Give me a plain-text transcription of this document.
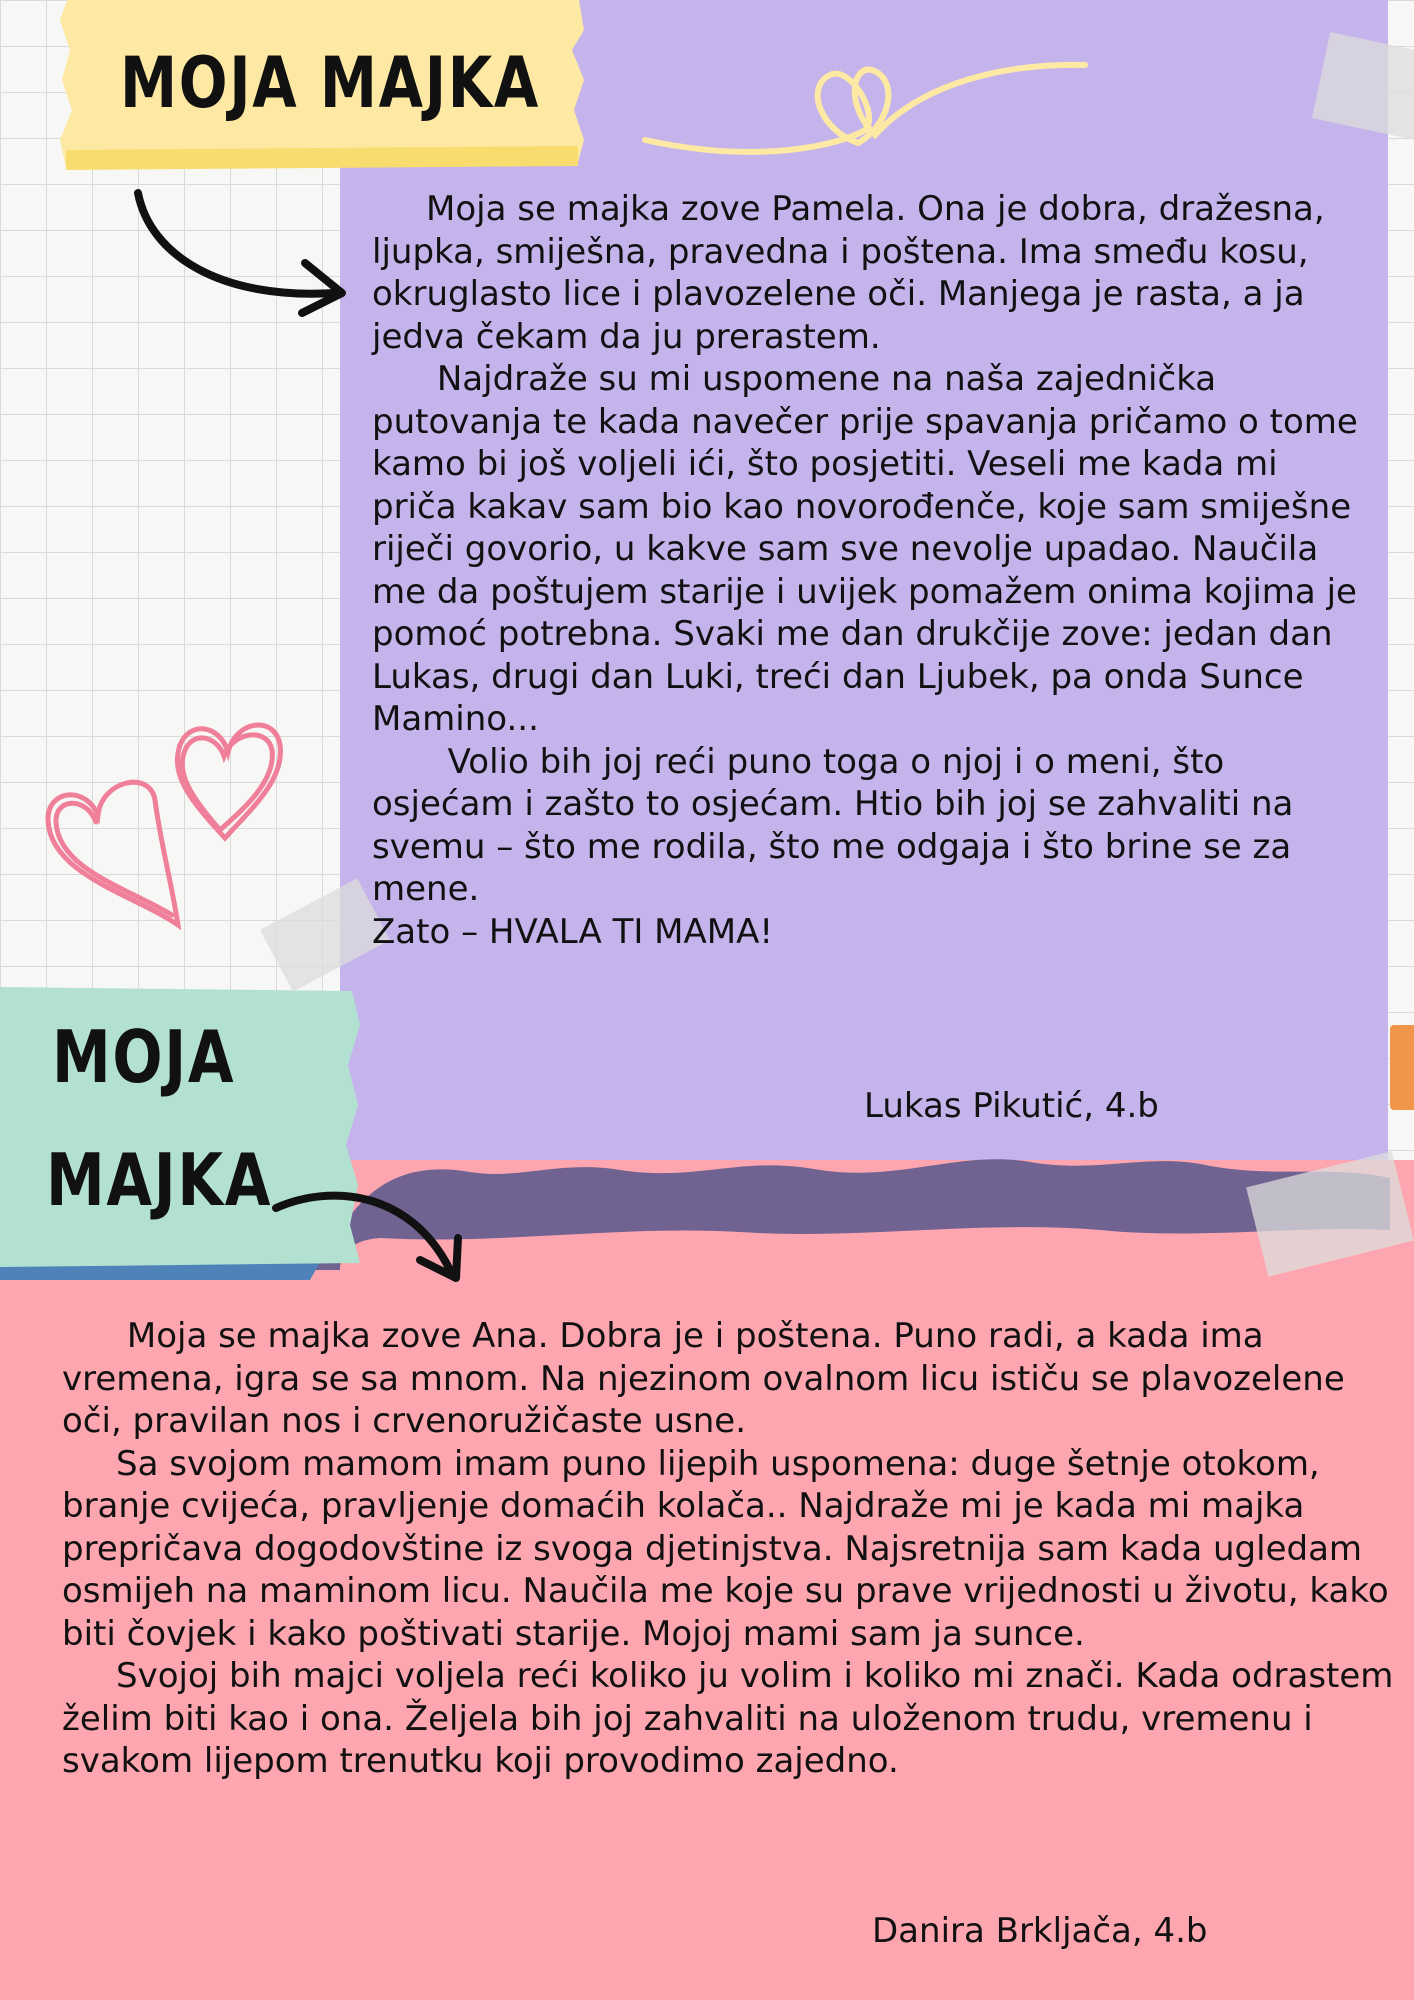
MOJA MAJKA
MOJA
MAJKA

Moja se majka zove Pamela. Ona je dobra, dražesna, ljupka, smiješna, pravedna i poštena. Ima smeđu kosu, okruglasto lice i plavozelene oči. Manjega je rasta, a ja jedva čekam da ju prerastem.
Najdraže su mi uspomene na naša zajednička putovanja te kada navečer prije spavanja pričamo o tome kamo bi još voljeli ići, što posjetiti. Veseli me kada mi priča kakav sam bio kao novorođenče, koje sam smiješne riječi govorio, u kakve sam sve nevolje upadao. Naučila me da poštujem starije i uvijek pomažem onima kojima je pomoć potrebna. Svaki me dan drukčije zove: jedan dan Lukas, drugi dan Luki, treći dan Ljubek, pa onda Sunce Mamino...
Volio bih joj reći puno toga o njoj i o meni, što osjećam i zašto to osjećam. Htio bih joj se zahvaliti na svemu – što me rodila, što me odgaja i što brine se za mene.
Zato – HVALA TI MAMA!

Lukas Pikutić, 4.b

Moja se majka zove Ana. Dobra je i poštena. Puno radi, a kada ima vremena, igra se sa mnom. Na njezinom ovalnom licu ističu se plavozelene oči, pravilan nos i crvenoružičaste usne.
Sa svojom mamom imam puno lijepih uspomena: duge šetnje otokom, branje cvijeća, pravljenje domaćih kolača.. Najdraže mi je kada mi majka prepričava dogodovštine iz svoga djetinjstva. Najsretnija sam kada ugledam osmijeh na maminom licu. Naučila me koje su prave vrijednosti u životu, kako biti čovjek i kako poštivati starije. Mojoj mami sam ja sunce.
Svojoj bih majci voljela reći koliko ju volim i koliko mi znači. Kada odrastem želim biti kao i ona. Željela bih joj zahvaliti na uloženom trudu, vremenu i svakom lijepom trenutku koji provodimo zajedno.

Danira Brkljača, 4.b
